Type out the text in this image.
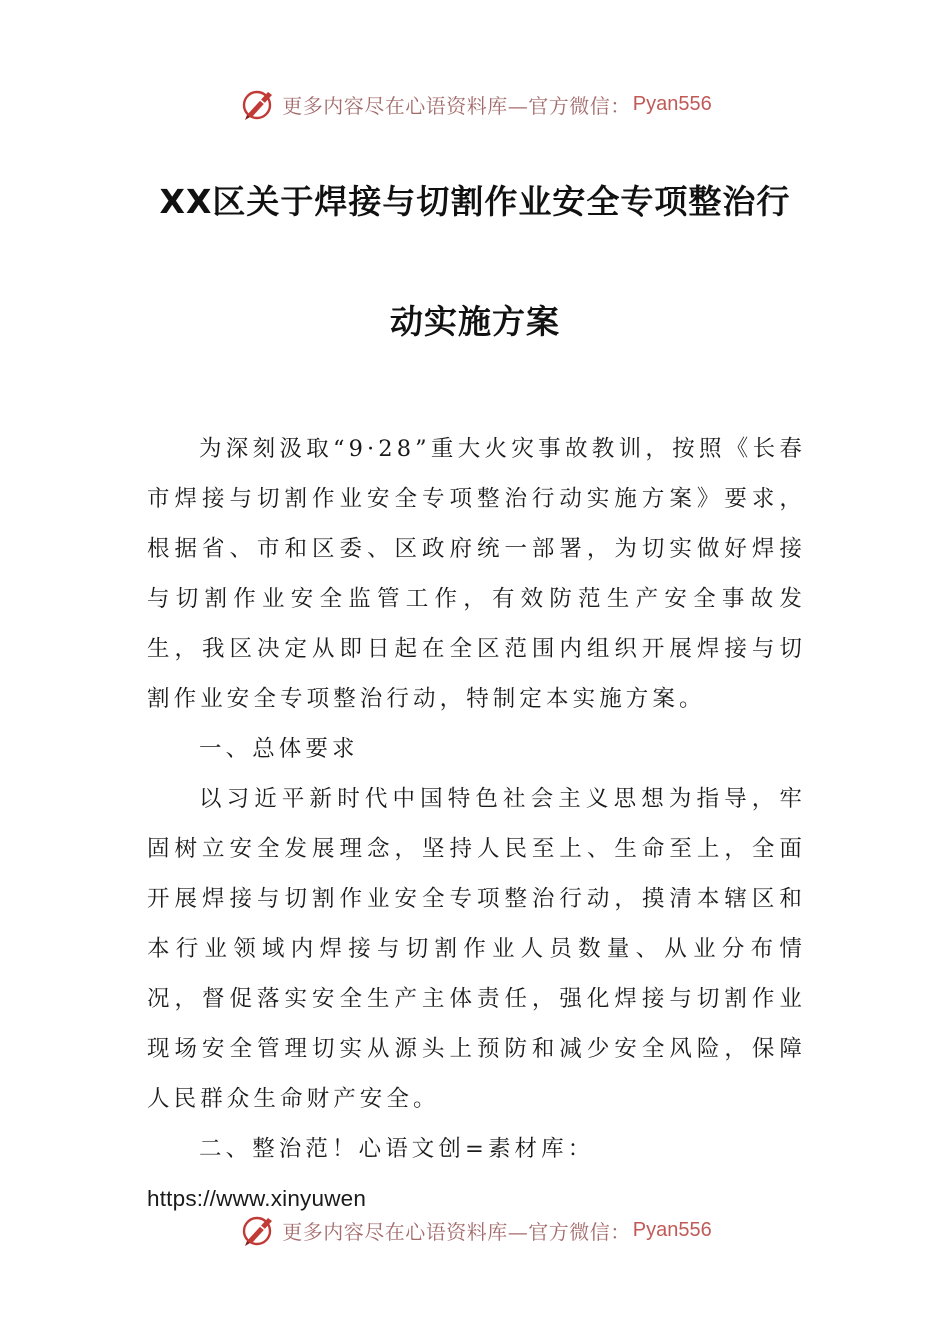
更多内容尽在心语资料库—官方微信： Pyan556
XX区关于焊接与切割作业安全专项整治行
动实施方案

为深刻汲取“9·28”重大火灾事故教训，按照《长春市焊接与切割作业安全专项整治行动实施方案》要求，根据省、市和区委、区政府统一部署，为切实做好焊接与切割作业安全监管工作，有效防范生产安全事故发生，我区决定从即日起在全区范围内组织开展焊接与切割作业安全专项整治行动，特制定本实施方案。

一、总体要求

以习近平新时代中国特色社会主义思想为指导，牢固树立安全发展理念，坚持人民至上、生命至上，全面开展焊接与切割作业安全专项整治行动，摸清本辖区和本行业领域内焊接与切割作业人员数量、从业分布情况，督促落实安全生产主体责任，强化焊接与切割作业现场安全管理切实从源头上预防和减少安全风险，保障人民群众生命财产安全。

二、整治范！心语文创=素材库：https://www.xinyuwen

更多内容尽在心语资料库—官方微信： Pyan556
